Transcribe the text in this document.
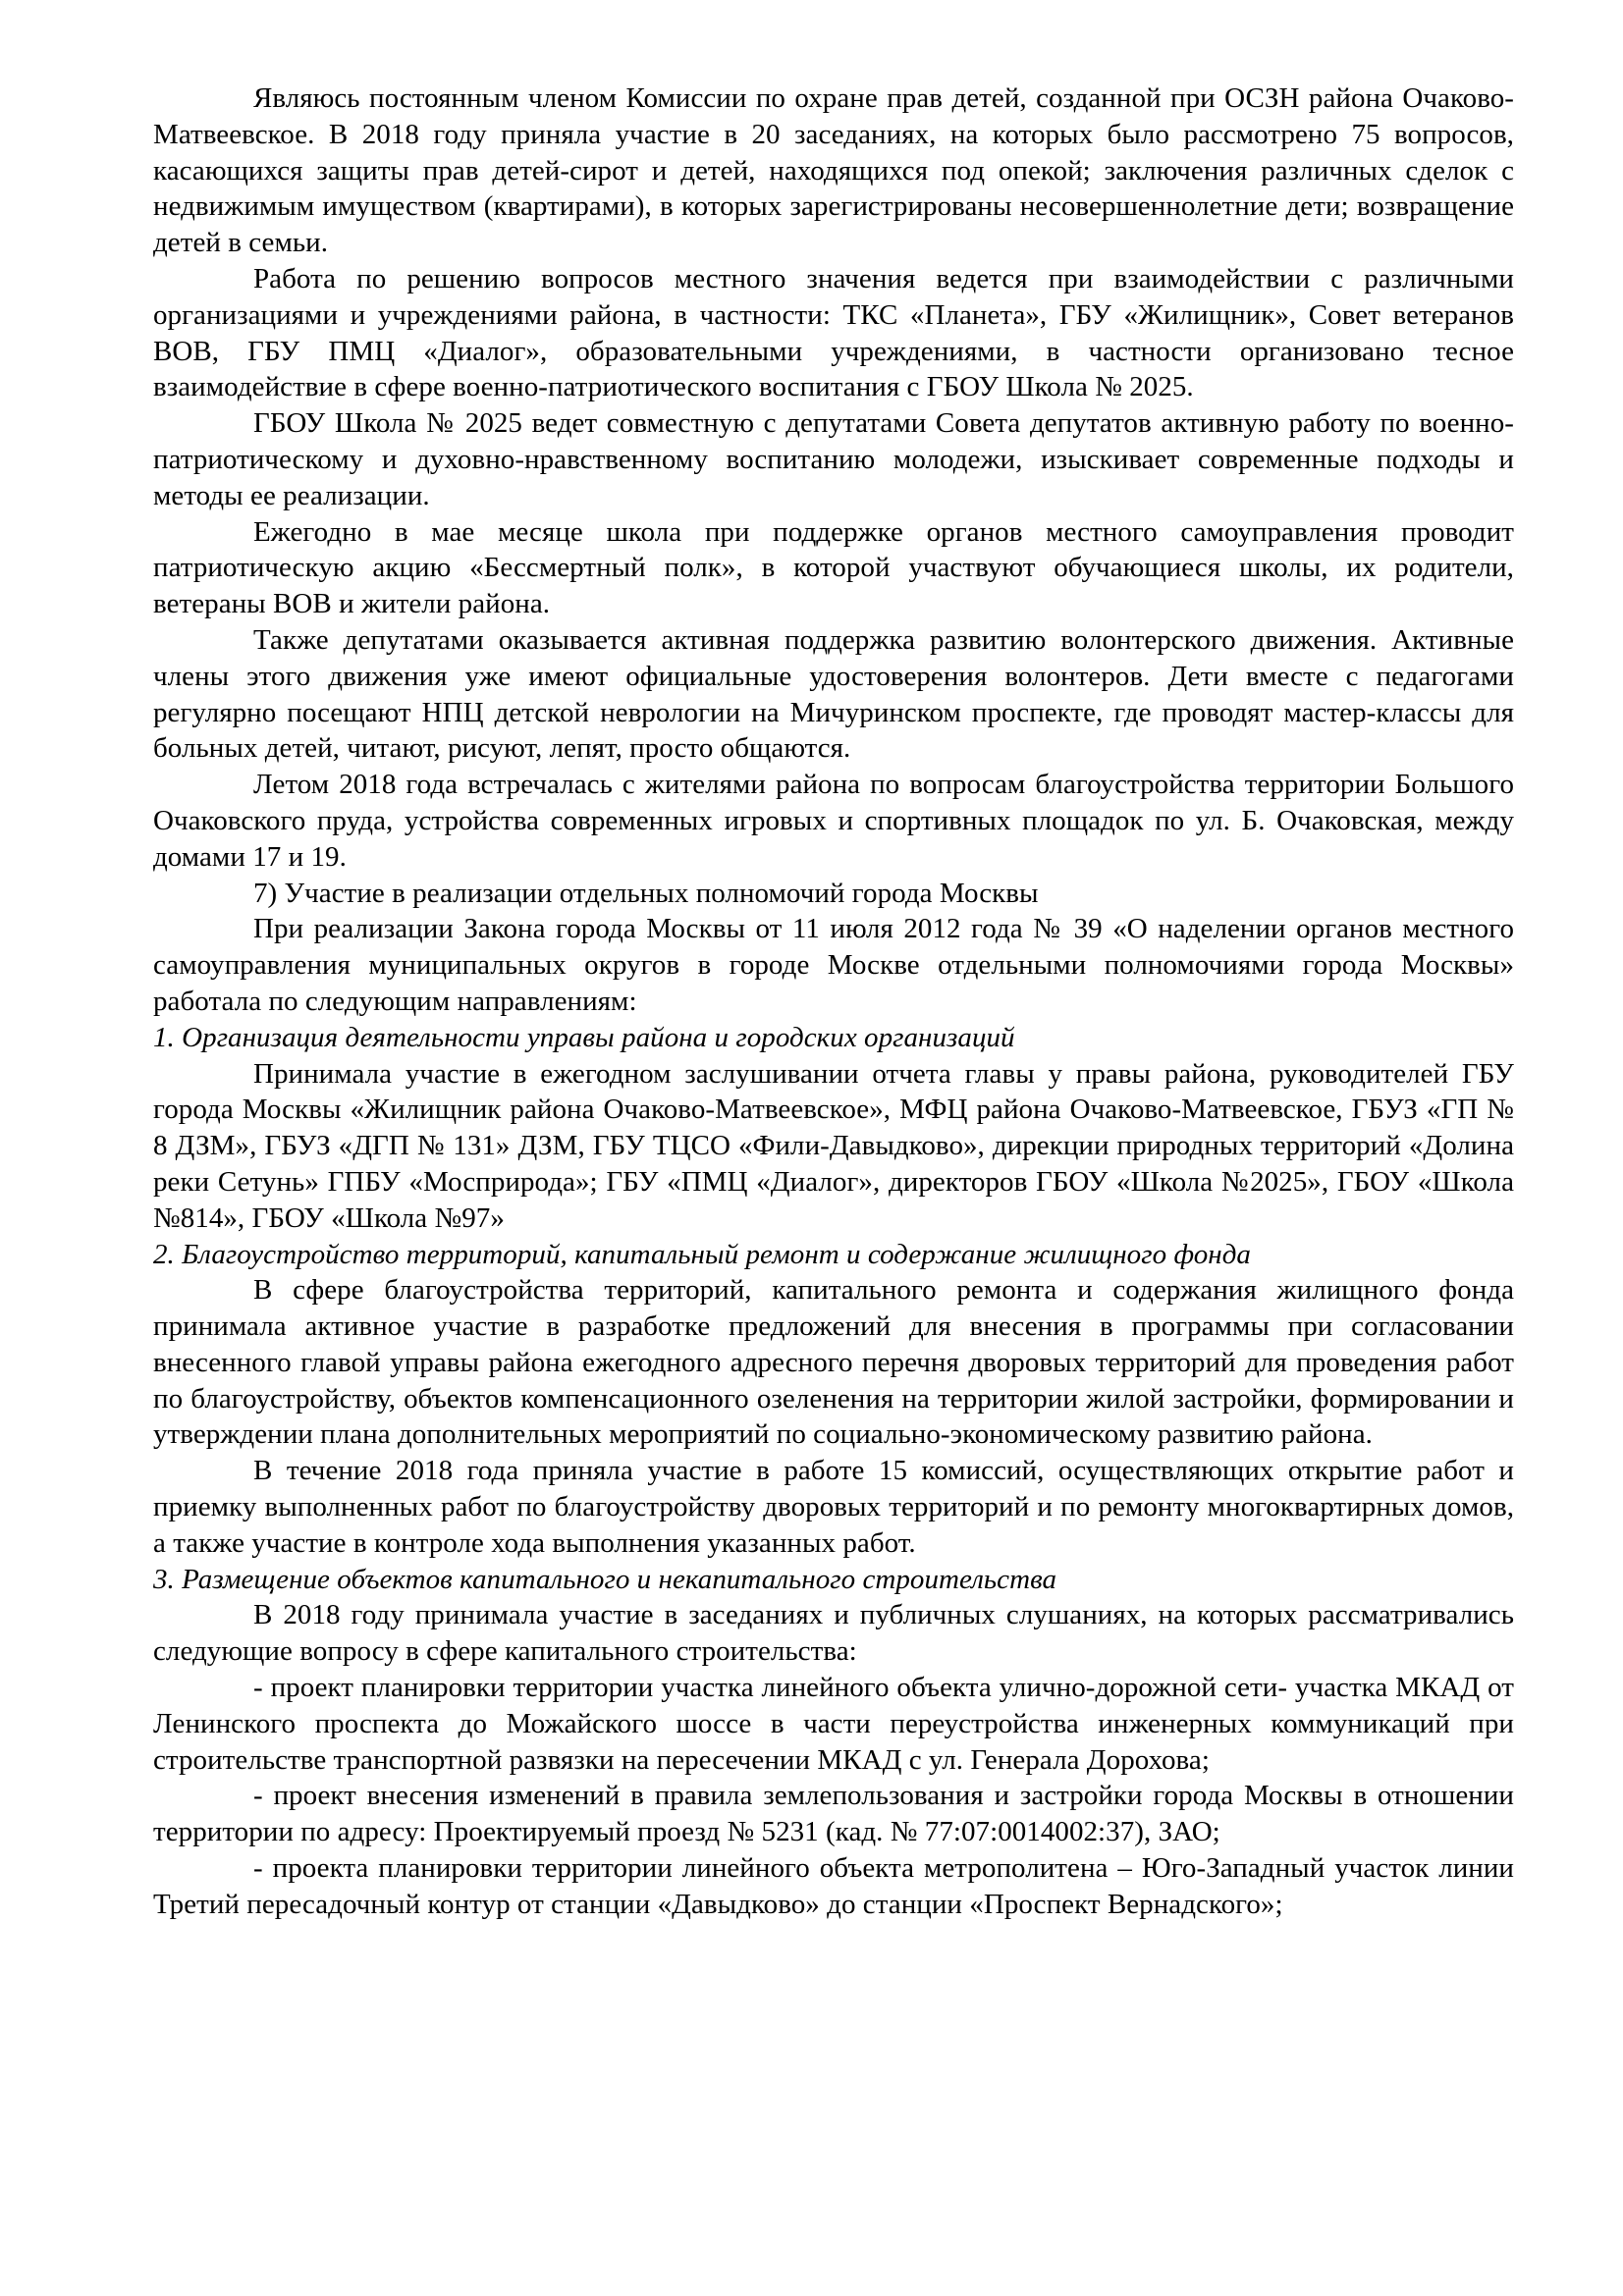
Являюсь постоянным членом Комиссии по охране прав детей, созданной при ОСЗН района Очаково-Матвеевское. В 2018 году приняла участие в 20 заседаниях, на которых было рассмотрено 75 вопросов, касающихся защиты прав детей-сирот и детей, находящихся под опекой; заключения различных сделок с недвижимым имуществом (квартирами), в которых зарегистрированы несовершеннолетние дети; возвращение детей в семьи.

Работа по решению вопросов местного значения ведется при взаимодействии с различными организациями и учреждениями района, в частности: ТКС «Планета», ГБУ «Жилищник», Совет ветеранов ВОВ, ГБУ ПМЦ «Диалог», образовательными учреждениями, в частности организовано тесное взаимодействие в сфере военно-патриотического воспитания с ГБОУ Школа № 2025.

ГБОУ Школа № 2025 ведет совместную с депутатами Совета депутатов активную работу по военно-патриотическому и духовно-нравственному воспитанию молодежи, изыскивает современные подходы и методы ее реализации.

Ежегодно в мае месяце школа при поддержке органов местного самоуправления проводит патриотическую акцию «Бессмертный полк», в которой участвуют обучающиеся школы, их родители, ветераны ВОВ и жители района.

Также депутатами оказывается активная поддержка развитию волонтерского движения. Активные члены этого движения уже имеют официальные удостоверения волонтеров. Дети вместе с педагогами регулярно посещают НПЦ детской неврологии на Мичуринском проспекте, где проводят мастер-классы для больных детей, читают, рисуют, лепят, просто общаются.

Летом 2018 года встречалась с жителями района по вопросам благоустройства территории Большого Очаковского пруда, устройства современных игровых и спортивных площадок по ул. Б. Очаковская, между домами 17 и 19.

7) Участие в реализации отдельных полномочий города Москвы

При реализации Закона города Москвы от 11 июля 2012 года № 39 «О наделении органов местного самоуправления муниципальных округов в городе Москве отдельными полномочиями города Москвы» работала по следующим направлениям:

1. Организация деятельности управы района и городских организаций

Принимала участие в ежегодном заслушивании отчета главы у правы района, руководителей ГБУ города Москвы «Жилищник района Очаково-Матвеевское», МФЦ района Очаково-Матвеевское, ГБУЗ «ГП № 8 ДЗМ», ГБУЗ «ДГП № 131» ДЗМ, ГБУ ТЦСО «Фили-Давыдково», дирекции природных территорий «Долина реки Сетунь» ГПБУ «Мосприрода»; ГБУ «ПМЦ «Диалог», директоров ГБОУ «Школа №2025», ГБОУ «Школа №814», ГБОУ «Школа №97»

2. Благоустройство территорий, капитальный ремонт и содержание жилищного фонда

В сфере благоустройства территорий, капитального ремонта и содержания жилищного фонда принимала активное участие в разработке предложений для внесения в программы при согласовании внесенного главой управы района ежегодного адресного перечня дворовых территорий для проведения работ по благоустройству, объектов компенсационного озеленения на территории жилой застройки, формировании и утверждении плана дополнительных мероприятий по социально-экономическому развитию района.

В течение 2018 года приняла участие в работе 15 комиссий, осуществляющих открытие работ и приемку выполненных работ по благоустройству дворовых территорий и по ремонту многоквартирных домов, а также участие в контроле хода выполнения указанных работ.

3. Размещение объектов капитального и некапитального строительства

В 2018 году принимала участие в заседаниях и публичных слушаниях, на которых рассматривались следующие вопросу в сфере капитального строительства:

- проект планировки территории участка линейного объекта улично-дорожной сети- участка МКАД от Ленинского проспекта до Можайского шоссе в части переустройства инженерных коммуникаций при строительстве транспортной развязки на пересечении МКАД с ул. Генерала Дорохова;

- проект внесения изменений в правила землепользования и застройки города Москвы в отношении территории по адресу: Проектируемый проезд № 5231 (кад. № 77:07:0014002:37), ЗАО;

- проекта планировки территории линейного объекта метрополитена – Юго-Западный участок линии Третий пересадочный контур от станции «Давыдково» до станции «Проспект Вернадского»;
